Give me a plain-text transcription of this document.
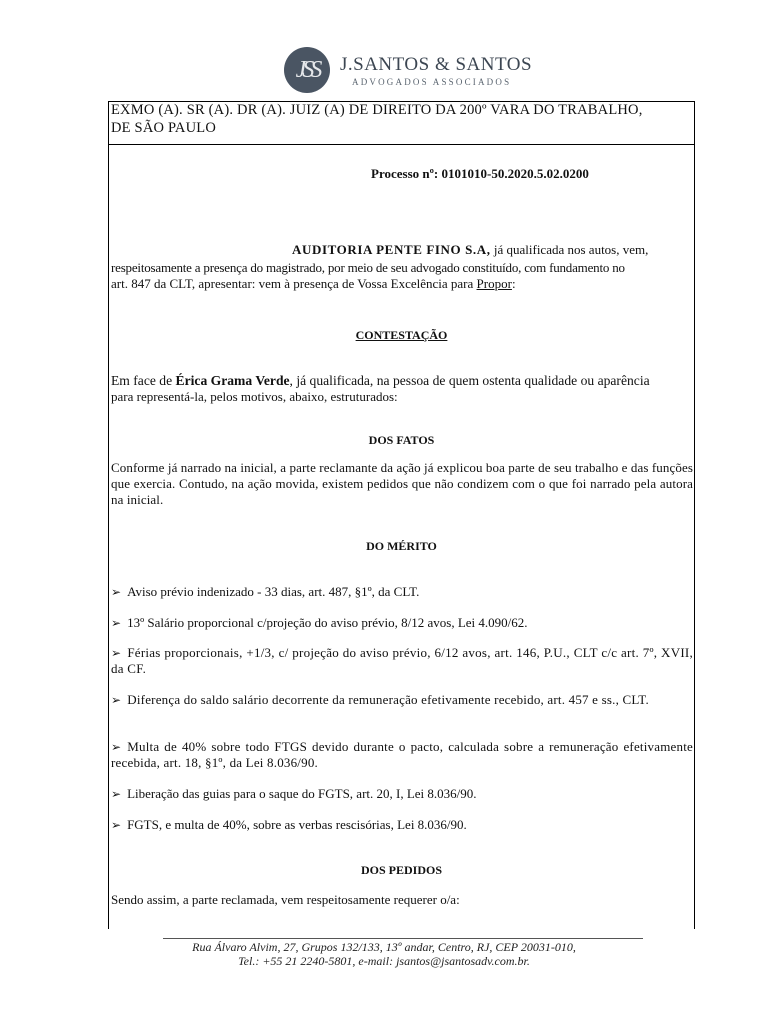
JSS J.SANTOS & SANTOS
ADVOGADOS ASSOCIADOS
EXMO (A). SR (A). DR (A). JUIZ (A) DE DIREITO DA 200º VARA DO TRABALHO,
DE SÃO PAULO
Processo nº: 0101010-50.2020.5.02.0200
AUDITORIA PENTE FINO S.A, já qualificada nos autos, vem,
respeitosamente a presença do magistrado, por meio de seu advogado constituído, com fundamento no
art. 847 da CLT, apresentar: vem à presença de Vossa Excelência para Propor:
CONTESTAÇÃO
Em face de Érica Grama Verde, já qualificada, na pessoa de quem ostenta qualidade ou aparência
para representá-la, pelos motivos, abaixo, estruturados:
DOS FATOS
Conforme já narrado na inicial, a parte reclamante da ação já explicou boa parte de seu trabalho e das funções que exercia. Contudo, na ação movida, existem pedidos que não condizem com o que foi narrado pela autora na inicial.
DO MÉRITO
➢ Aviso prévio indenizado - 33 dias, art. 487, §1º, da CLT.
➢ 13º Salário proporcional c/projeção do aviso prévio, 8/12 avos, Lei 4.090/62.
➢ Férias proporcionais, +1/3, c/ projeção do aviso prévio, 6/12 avos, art. 146, P.U., CLT c/c art. 7º, XVII, da CF.
➢ Diferença do saldo salário decorrente da remuneração efetivamente recebido, art. 457 e ss., CLT.
➢ Multa de 40% sobre todo FTGS devido durante o pacto, calculada sobre a remuneração efetivamente recebida, art. 18, §1º, da Lei 8.036/90.
➢ Liberação das guias para o saque do FGTS, art. 20, I, Lei 8.036/90.
➢ FGTS, e multa de 40%, sobre as verbas rescisórias, Lei 8.036/90.
DOS PEDIDOS
Sendo assim, a parte reclamada, vem respeitosamente requerer o/a:
Rua Álvaro Alvim, 27, Grupos 132/133, 13º andar, Centro, RJ, CEP 20031-010,
Tel.: +55 21 2240-5801, e-mail: jsantos@jsantosadv.com.br.
